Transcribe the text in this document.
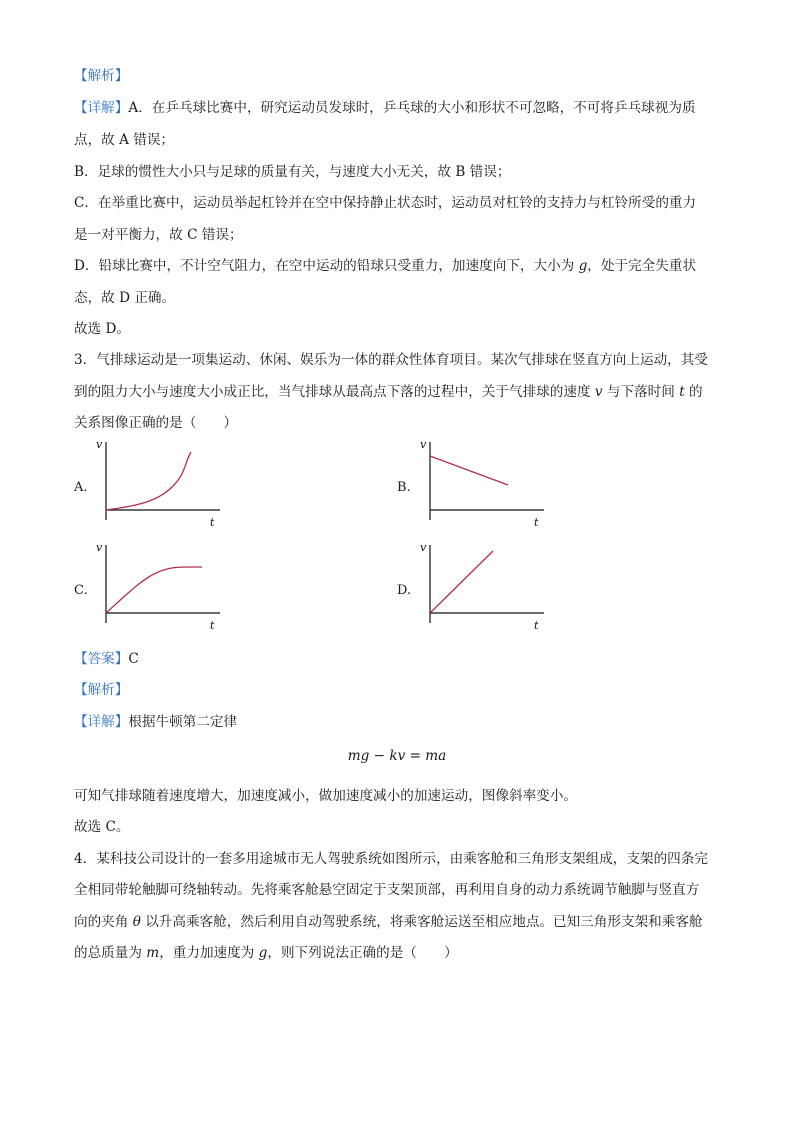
【解析】
【详解】A．在乒乓球比赛中，研究运动员发球时，乒乓球的大小和形状不可忽略，不可将乒乓球视为质
点，故 A 错误；
B．足球的惯性大小只与足球的质量有关，与速度大小无关，故 B 错误；
C．在举重比赛中，运动员举起杠铃并在空中保持静止状态时，运动员对杠铃的支持力与杠铃所受的重力
是一对平衡力，故 C 错误；
D．铅球比赛中，不计空气阻力，在空中运动的铅球只受重力，加速度向下，大小为 g，处于完全失重状
态，故 D 正确。
故选 D。
3．气排球运动是一项集运动、休闲、娱乐为一体的群众性体育项目。某次气排球在竖直方向上运动，其受
到的阻力大小与速度大小成正比，当气排球从最高点下落的过程中，关于气排球的速度 v 与下落时间 t 的
关系图像正确的是（　　）
A.
v
t
B.
v
t
C.
v
t
D.
v
t
【答案】C
【解析】
【详解】根据牛顿第二定律
mg − kv = ma
可知气排球随着速度增大，加速度减小，做加速度减小的加速运动，图像斜率变小。
故选 C。
4．某科技公司设计的一套多用途城市无人驾驶系统如图所示，由乘客舱和三角形支架组成，支架的四条完
全相同带轮触脚可绕轴转动。先将乘客舱悬空固定于支架顶部，再利用自身的动力系统调节触脚与竖直方
向的夹角 θ 以升高乘客舱，然后利用自动驾驶系统，将乘客舱运送至相应地点。已知三角形支架和乘客舱
的总质量为 m，重力加速度为 g，则下列说法正确的是（　　）
